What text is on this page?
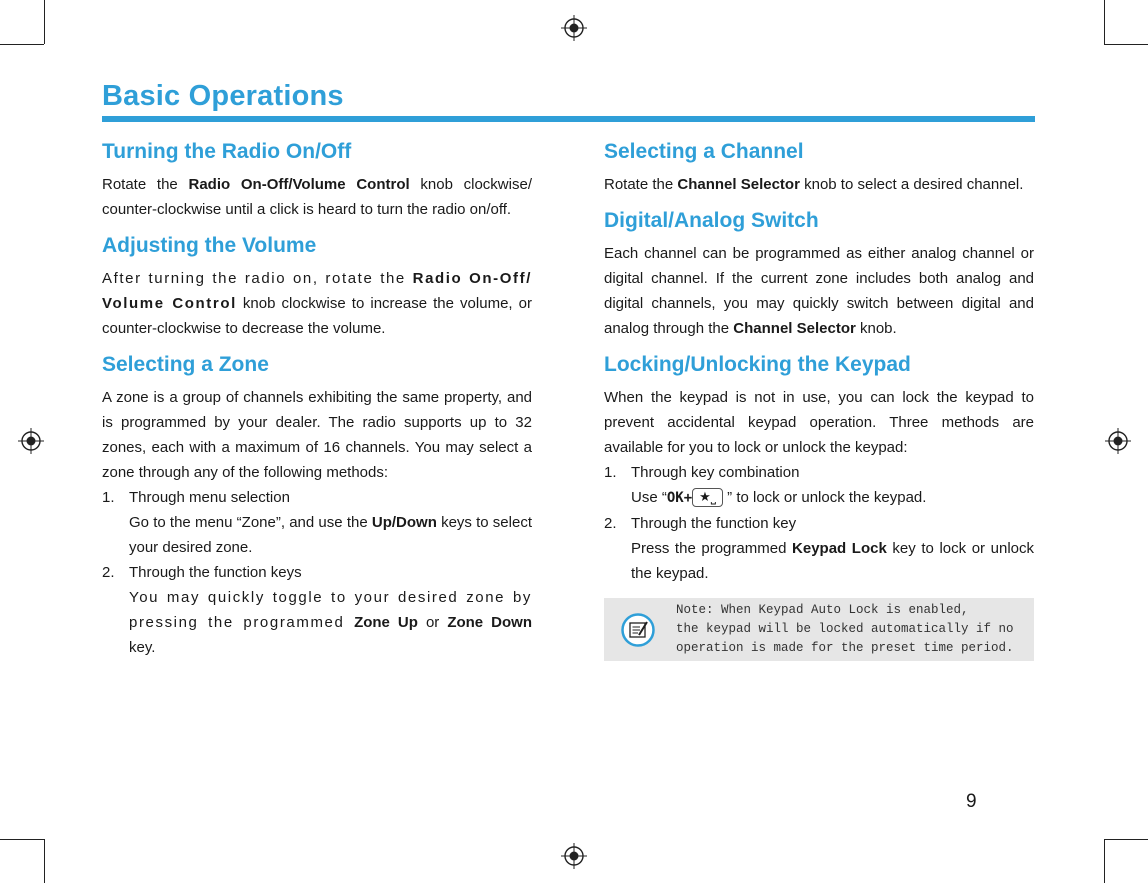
Basic Operations
Turning the Radio On/Off

Rotate the Radio On-Off/Volume Control knob clockwise/ counter-clockwise until a click is heard to turn the radio on/off.

Adjusting the Volume

After turning the radio on, rotate the Radio On-Off/ Volume Control knob clockwise to increase the volume, or counter-clockwise to decrease the volume.

Selecting a Zone

A zone is a group of channels exhibiting the same property, and is programmed by your dealer. The radio supports up to 32 zones, each with a maximum of 16 channels. You may select a zone through any of the following methods:

1. Through menu selection
Go to the menu “Zone”, and use the Up/Down keys to select your desired zone.
2. Through the function keys
You may quickly toggle to your desired zone by pressing the programmed Zone Up or Zone Down key.
Selecting a Channel

Rotate the Channel Selector knob to select a desired channel.

Digital/Analog Switch

Each channel can be programmed as either analog channel or digital channel. If the current zone includes both analog and digital channels, you may quickly switch between digital and analog through the Channel Selector knob.

Locking/Unlocking the Keypad

When the keypad is not in use, you can lock the keypad to prevent accidental keypad operation. Three methods are available for you to lock or unlock the keypad:

1. Through key combination
Use “OK+ ★⎵ ” to lock or unlock the keypad.
2. Through the function key
Press the programmed Keypad Lock key to lock or unlock the keypad.
Note: When Keypad Auto Lock is enabled,
the keypad will be locked automatically if no
operation is made for the preset time period.
9
